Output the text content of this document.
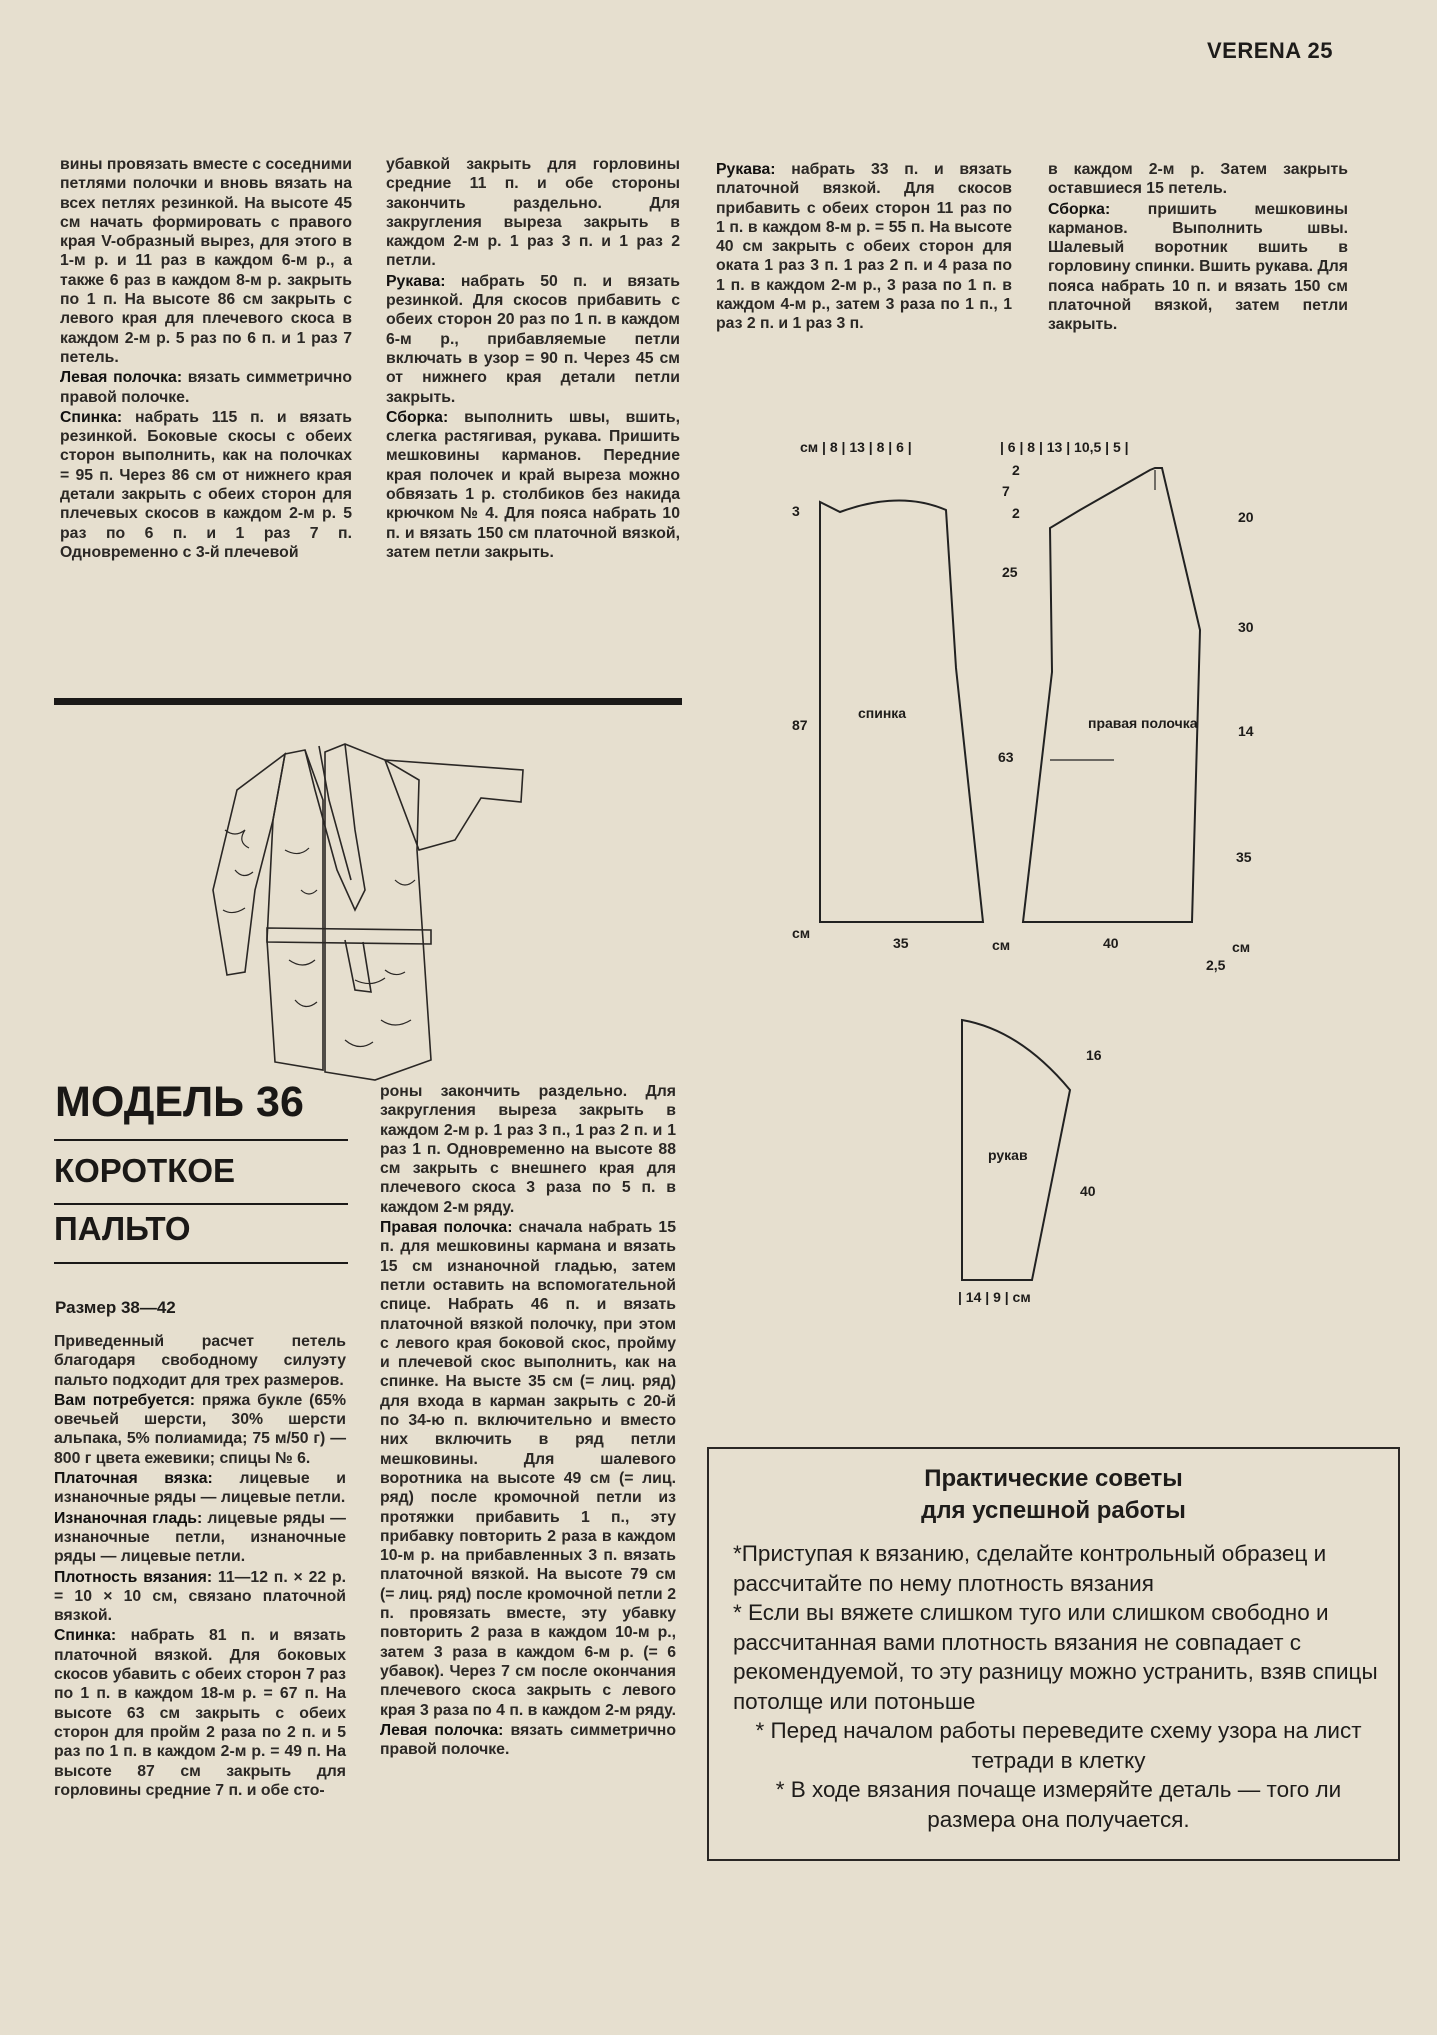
VERENA 25

вины провязать вместе с соседними петлями полочки и вновь вязать на всех петлях резинкой. На высоте 45 см начать формировать с правого края V-образный вырез, для этого в 1-м р. и 11 раз в каждом 6-м р., а также 6 раз в каждом 8-м р. закрыть по 1 п. На высоте 86 см закрыть с левого края для плечевого скоса в каждом 2-м р. 5 раз по 6 п. и 1 раз 7 петель.

Левая полочка: вязать симметрично правой полочке.

Спинка: набрать 115 п. и вязать резинкой. Боковые скосы с обеих сторон выполнить, как на полочках = 95 п. Через 86 см от нижнего края детали закрыть с обеих сторон для плечевых скосов в каждом 2-м р. 5 раз по 6 п. и 1 раз 7 п. Одновременно с 3-й плечевой

убавкой закрыть для горловины средние 11 п. и обе стороны закончить раздельно. Для закругления выреза закрыть в каждом 2-м р. 1 раз 3 п. и 1 раз 2 петли.

Рукава: набрать 50 п. и вязать резинкой. Для скосов прибавить с обеих сторон 20 раз по 1 п. в каждом 6-м р., прибавляемые петли включать в узор = 90 п. Через 45 см от нижнего края детали петли закрыть.

Сборка: выполнить швы, вшить, слегка растягивая, рукава. Пришить мешковины карманов. Передние края полочек и край выреза можно обвязать 1 р. столбиков без накида крючком № 4. Для пояса набрать 10 п. и вязать 150 см платочной вязкой, затем петли закрыть.

Рукава: набрать 33 п. и вязать платочной вязкой. Для скосов прибавить с обеих сторон 11 раз по 1 п. в каждом 8-м р. = 55 п. На высоте 40 см закрыть с обеих сторон для оката 1 раз 3 п. 1 раз 2 п. и 4 раза по 1 п. в каждом 2-м р., 3 раза по 1 п. в каждом 4-м р., затем 3 раза по 1 п., 1 раз 2 п. и 1 раз 3 п.

в каждом 2-м р. Затем закрыть оставшиеся 15 петель.

Сборка: пришить мешковины карманов. Выполнить швы. Шалевый воротник вшить в горловину спинки. Вшить рукава. Для пояса набрать 10 п. и вязать 150 см платочной вязкой, затем петли закрыть.

МОДЕЛЬ 36
КОРОТКОЕ
ПАЛЬТО
Размер 38—42

Приведенный расчет петель благодаря свободному силуэту пальто подходит для трех размеров.

Вам потребуется: пряжа букле (65% овечьей шерсти, 30% шерсти альпака, 5% полиамида; 75 м/50 г) — 800 г цвета ежевики; спицы № 6.

Платочная вязка: лицевые и изнаночные ряды — лицевые петли.

Изнаночная гладь: лицевые ряды — изнаночные петли, изнаночные ряды — лицевые петли.

Плотность вязания: 11—12 п. × 22 р. = 10 × 10 см, связано платочной вязкой.

Спинка: набрать 81 п. и вязать платочной вязкой. Для боковых скосов убавить с обеих сторон 7 раз по 1 п. в каждом 18-м р. = 67 п. На высоте 63 см закрыть с обеих сторон для пройм 2 раза по 2 п. и 5 раз по 1 п. в каждом 2-м р. = 49 п. На высоте 87 см закрыть для горловины средние 7 п. и обе сто-

роны закончить раздельно. Для закругления выреза закрыть в каждом 2-м р. 1 раз 3 п., 1 раз 2 п. и 1 раз 1 п. Одновременно на высоте 88 см закрыть с внешнего края для плечевого скоса 3 раза по 5 п. в каждом 2-м ряду.

Правая полочка: сначала набрать 15 п. для мешковины кармана и вязать 15 см изнаночной гладью, затем петли оставить на вспомогательной спице. Набрать 46 п. и вязать платочной вязкой полочку, при этом с левого края боковой скос, пройму и плечевой скос выполнить, как на спинке. На высте 35 см (= лиц. ряд) для входа в карман закрыть с 20-й по 34-ю п. включительно и вместо них включить в ряд петли мешковины. Для шалевого воротника на высоте 49 см (= лиц. ряд) после кромочной петли из протяжки прибавить 1 п., эту прибавку повторить 2 раза в каждом 10-м р. на прибавленных 3 п. вязать платочной вязкой. На высоте 79 см (= лиц. ряд) после кромочной петли 2 п. провязать вместе, эту убавку повторить 2 раза в каждом 10-м р., затем 3 раза в каждом 6-м р. (= 6 убавок). Через 7 см после окончания плечевого скоса закрыть с левого края 3 раза по 4 п. в каждом 2-м ряду.

Левая полочка: вязать симметрично правой полочке.

см | 8 | 13 | 8 | 6 |	| 6 | 8 | 13 | 10,5 | 5 |
3
87
см
2
7
2
25
63
20
30
14
35
см
2,5
спинка
правая полочка
35	см	40
16
40
рукав
| 14 | 9 | см
Практические советы
для успешной работы

*Приступая к вязанию, сделайте контрольный образец и рассчитайте по нему плотность вязания

* Если вы вяжете слишком туго или слишком свободно и рассчитанная вами плотность вязания не совпадает с рекомендуемой, то эту разницу можно устранить, взяв спицы потолще или потоньше

* Перед началом работы переведите схему узора на лист тетради в клетку

* В ходе вязания почаще измеряйте деталь — того ли размера она получается.
